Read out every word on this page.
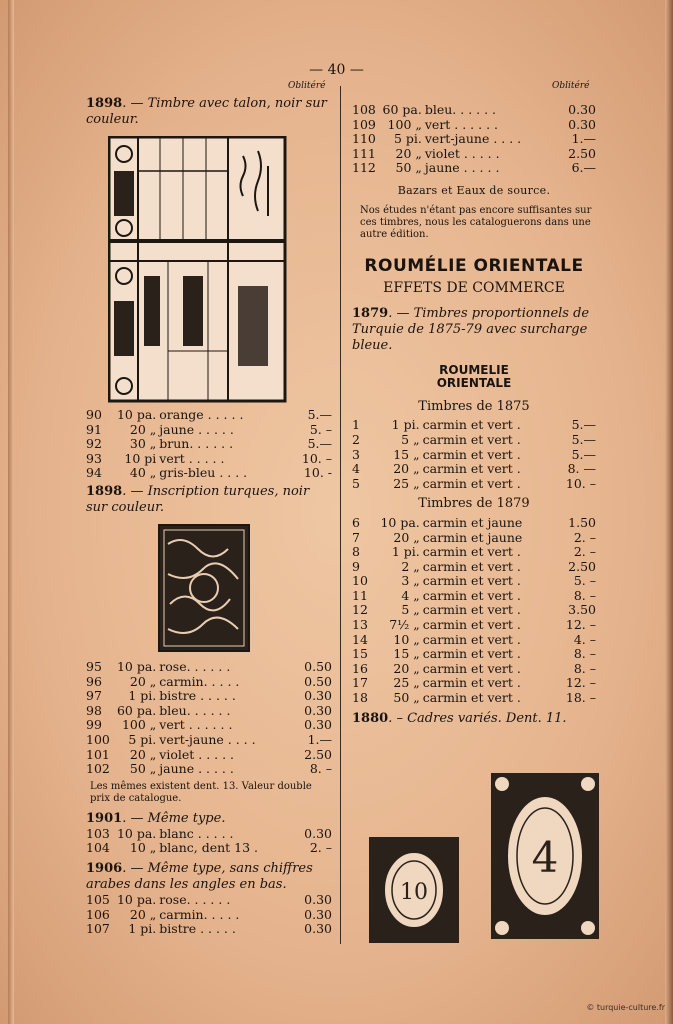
— 40 —
Oblitéré	Oblitéré
1898. — Timbre avec talon, noir sur couleur.
90	10 pa.	orange . . . . .	5.—
91	20 „	jaune . . . . .	5. –
92	30 „	brun. . . . . .	5.—
93	10 pi	vert . . . . .	10. –
94	40 „	gris-bleu . . . .	10. -
1898. — Inscription turques, noir sur couleur.
95	10 pa.	rose. . . . . .	0.50
96	20 „	carmin. . . . .	0.50
97	1 pi.	bistre . . . . .	0.30
98	60 pa.	bleu. . . . . .	0.30
99	100 „	vert . . . . . .	0.30
100	5 pi.	vert-jaune . . . .	1.—
101	20 „	violet . . . . .	2.50
102	50 „	jaune . . . . .	8. –
Les mêmes existent dent. 13. Valeur double prix de catalogue.
1901. — Même type.
103	10 pa.	blanc . . . . .	0.30
104	10 „	blanc, dent 13 .	2. –
1906. — Même type, sans chiffres arabes dans les angles en bas.
105	10 pa.	rose. . . . . .	0.30
106	20 „	carmin. . . . .	0.30
107	1 pi.	bistre . . . . .	0.30
108	60 pa.	bleu. . . . . .	0.30
109	100 „	vert . . . . . .	0.30
110	5 pi.	vert-jaune . . . .	1.—
111	20 „	violet . . . . .	2.50
112	50 „	jaune . . . . .	6.—
Bazars et Eaux de source.
Nos études n'étant pas encore suffisantes sur ces timbres, nous les cataloguerons dans une autre édition.
ROUMÉLIE ORIENTALE
EFFETS DE COMMERCE
1879. — Timbres proportionnels de Turquie de 1875-79 avec surcharge bleue.
ROUMELIE
ORIENTALE
Timbres de 1875
1	1 pi.	carmin et vert .	5.—
2	5 „	carmin et vert .	5.—
3	15 „	carmin et vert .	5.—
4	20 „	carmin et vert .	8. —
5	25 „	carmin et vert .	10. –
Timbres de 1879
6	10 pa.	carmin et jaune	1.50
7	20 „	carmin et jaune	2. –
8	1 pi.	carmin et vert .	2. –
9	2 „	carmin et vert .	2.50
10	3 „	carmin et vert .	5. –
11	4 „	carmin et vert .	8. –
12	5 „	carmin et vert .	3.50
13	7½ „	carmin et vert .	12. –
14	10 „	carmin et vert .	4. –
15	15 „	carmin et vert .	8. –
16	20 „	carmin et vert .	8. –
17	25 „	carmin et vert .	12. –
18	50 „	carmin et vert .	18. –
1880. – Cadres variés. Dent. 11.
10
4
© turquie-culture.fr
